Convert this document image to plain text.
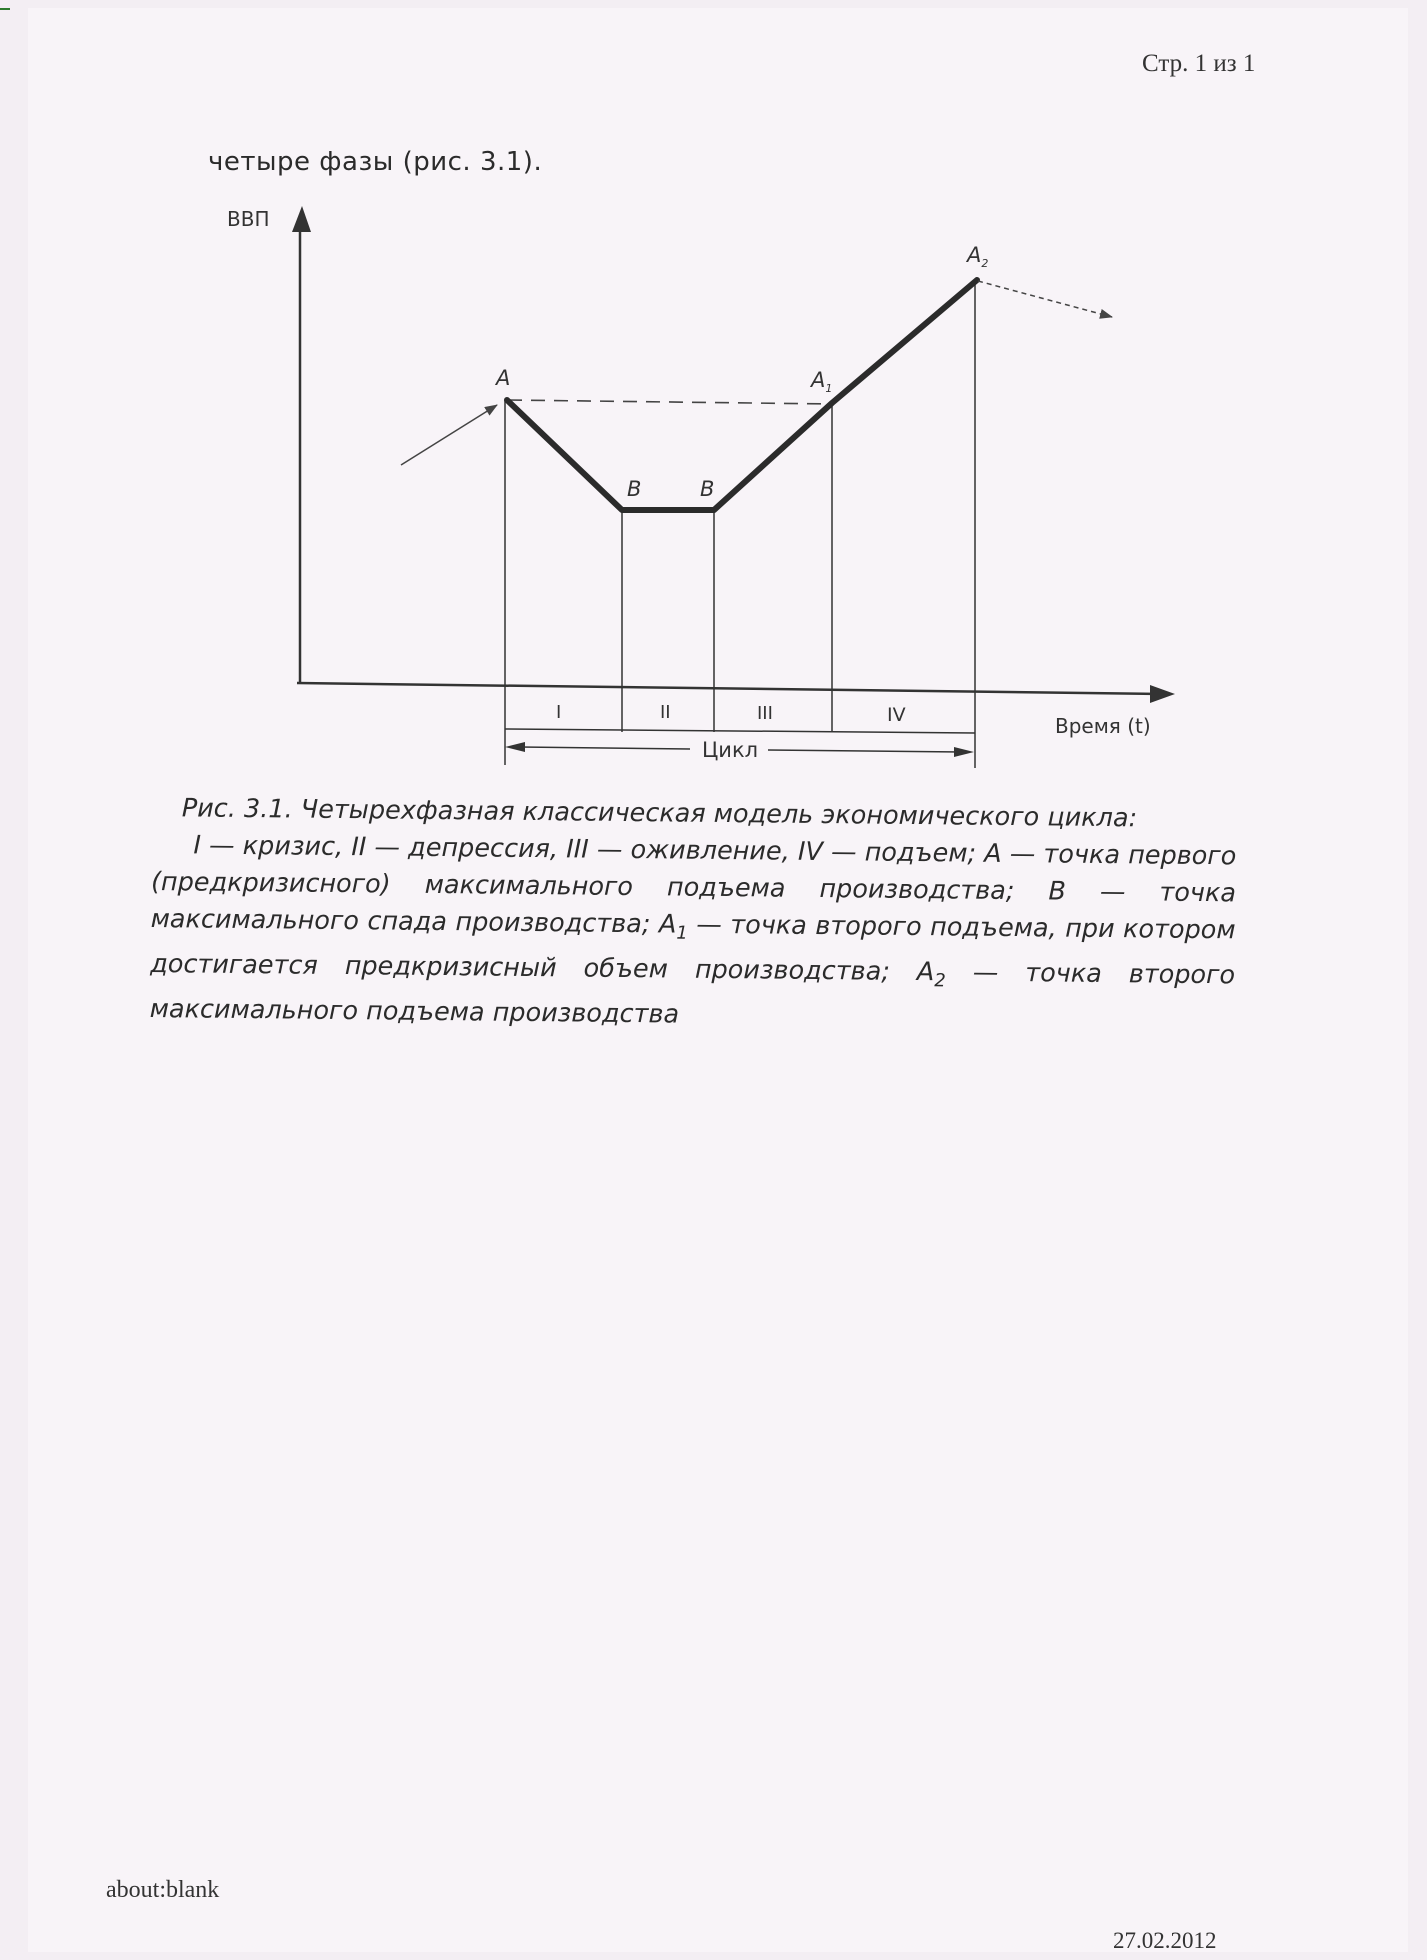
Стр. 1 из 1
четыре фазы (рис. 3.1).
ВВП
Время (t)
Цикл
I	II	III	IV
A
B	B
$A_1$
$A_2$
Рис. 3.1. Четырехфазная классическая модель экономического цикла:
I — кризис, II — депрессия, III — оживление, IV — подъем; А — точка первого (предкризисного) максимального подъема производства; В — точка максимального спада производства; $А_1$ — точка второго подъема, при котором достигается предкризисный объем производства; $А_2$ — точка второго максимального подъема производства
about:blank
27.02.2012
